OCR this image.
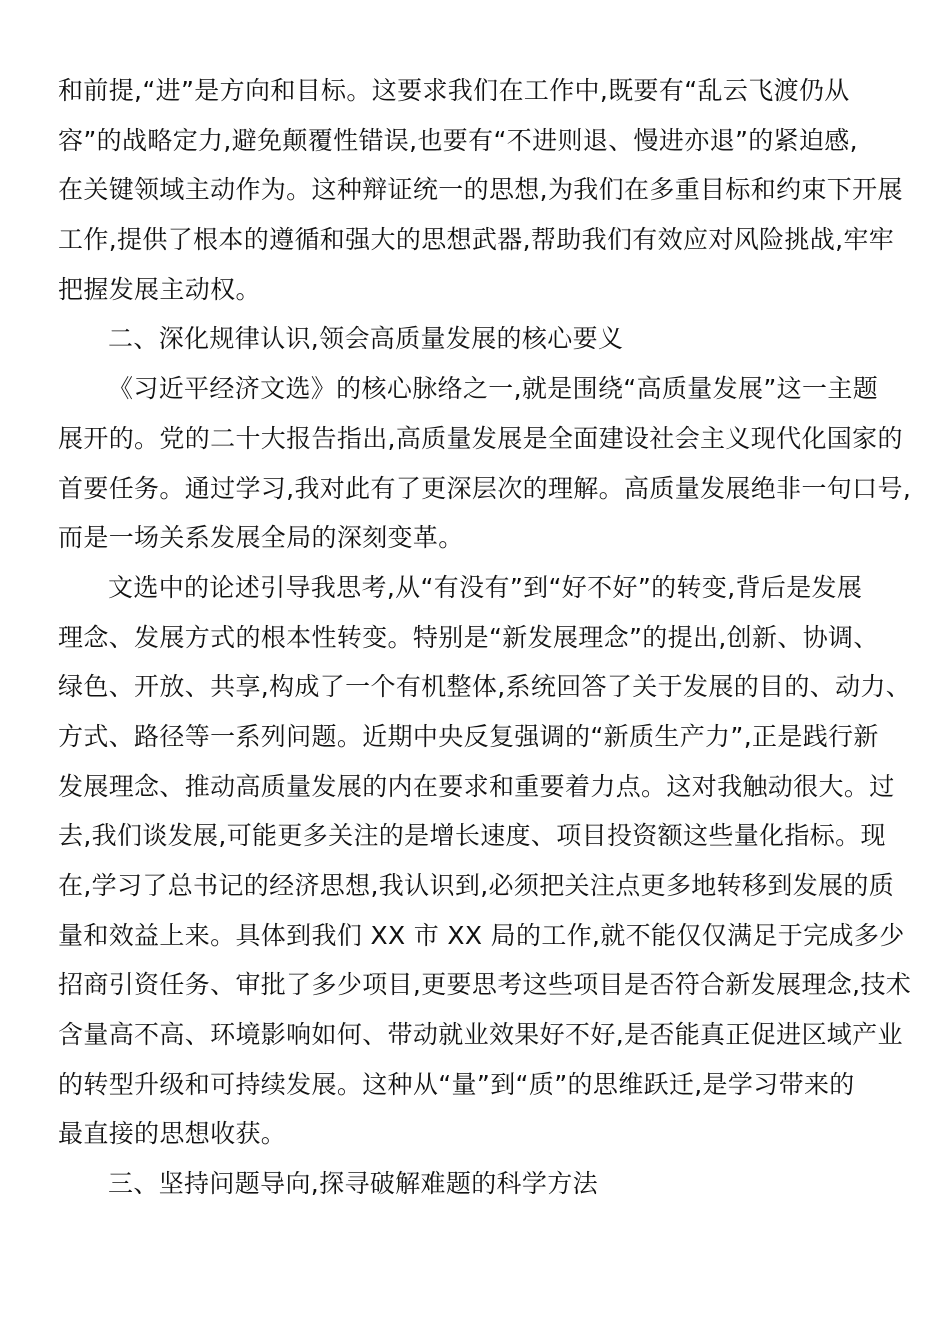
和前提,“进”是方向和目标。这要求我们在工作中,既要有“乱云飞渡仍从
容”的战略定力,避免颠覆性错误,也要有“不进则退、慢进亦退”的紧迫感,
在关键领域主动作为。这种辩证统一的思想,为我们在多重目标和约束下开展
工作,提供了根本的遵循和强大的思想武器,帮助我们有效应对风险挑战,牢牢
把握发展主动权。
二、深化规律认识,领会高质量发展的核心要义
《习近平经济文选》的核心脉络之一,就是围绕“高质量发展”这一主题
展开的。党的二十大报告指出,高质量发展是全面建设社会主义现代化国家的
首要任务。通过学习,我对此有了更深层次的理解。高质量发展绝非一句口号,
而是一场关系发展全局的深刻变革。
文选中的论述引导我思考,从“有没有”到“好不好”的转变,背后是发展
理念、发展方式的根本性转变。特别是“新发展理念”的提出,创新、协调、
绿色、开放、共享,构成了一个有机整体,系统回答了关于发展的目的、动力、
方式、路径等一系列问题。近期中央反复强调的“新质生产力”,正是践行新
发展理念、推动高质量发展的内在要求和重要着力点。这对我触动很大。过
去,我们谈发展,可能更多关注的是增长速度、项目投资额这些量化指标。现
在,学习了总书记的经济思想,我认识到,必须把关注点更多地转移到发展的质
量和效益上来。具体到我们 XX 市 XX 局的工作,就不能仅仅满足于完成多少
招商引资任务、审批了多少项目,更要思考这些项目是否符合新发展理念,技术
含量高不高、环境影响如何、带动就业效果好不好,是否能真正促进区域产业
的转型升级和可持续发展。这种从“量”到“质”的思维跃迁,是学习带来的
最直接的思想收获。
三、坚持问题导向,探寻破解难题的科学方法
